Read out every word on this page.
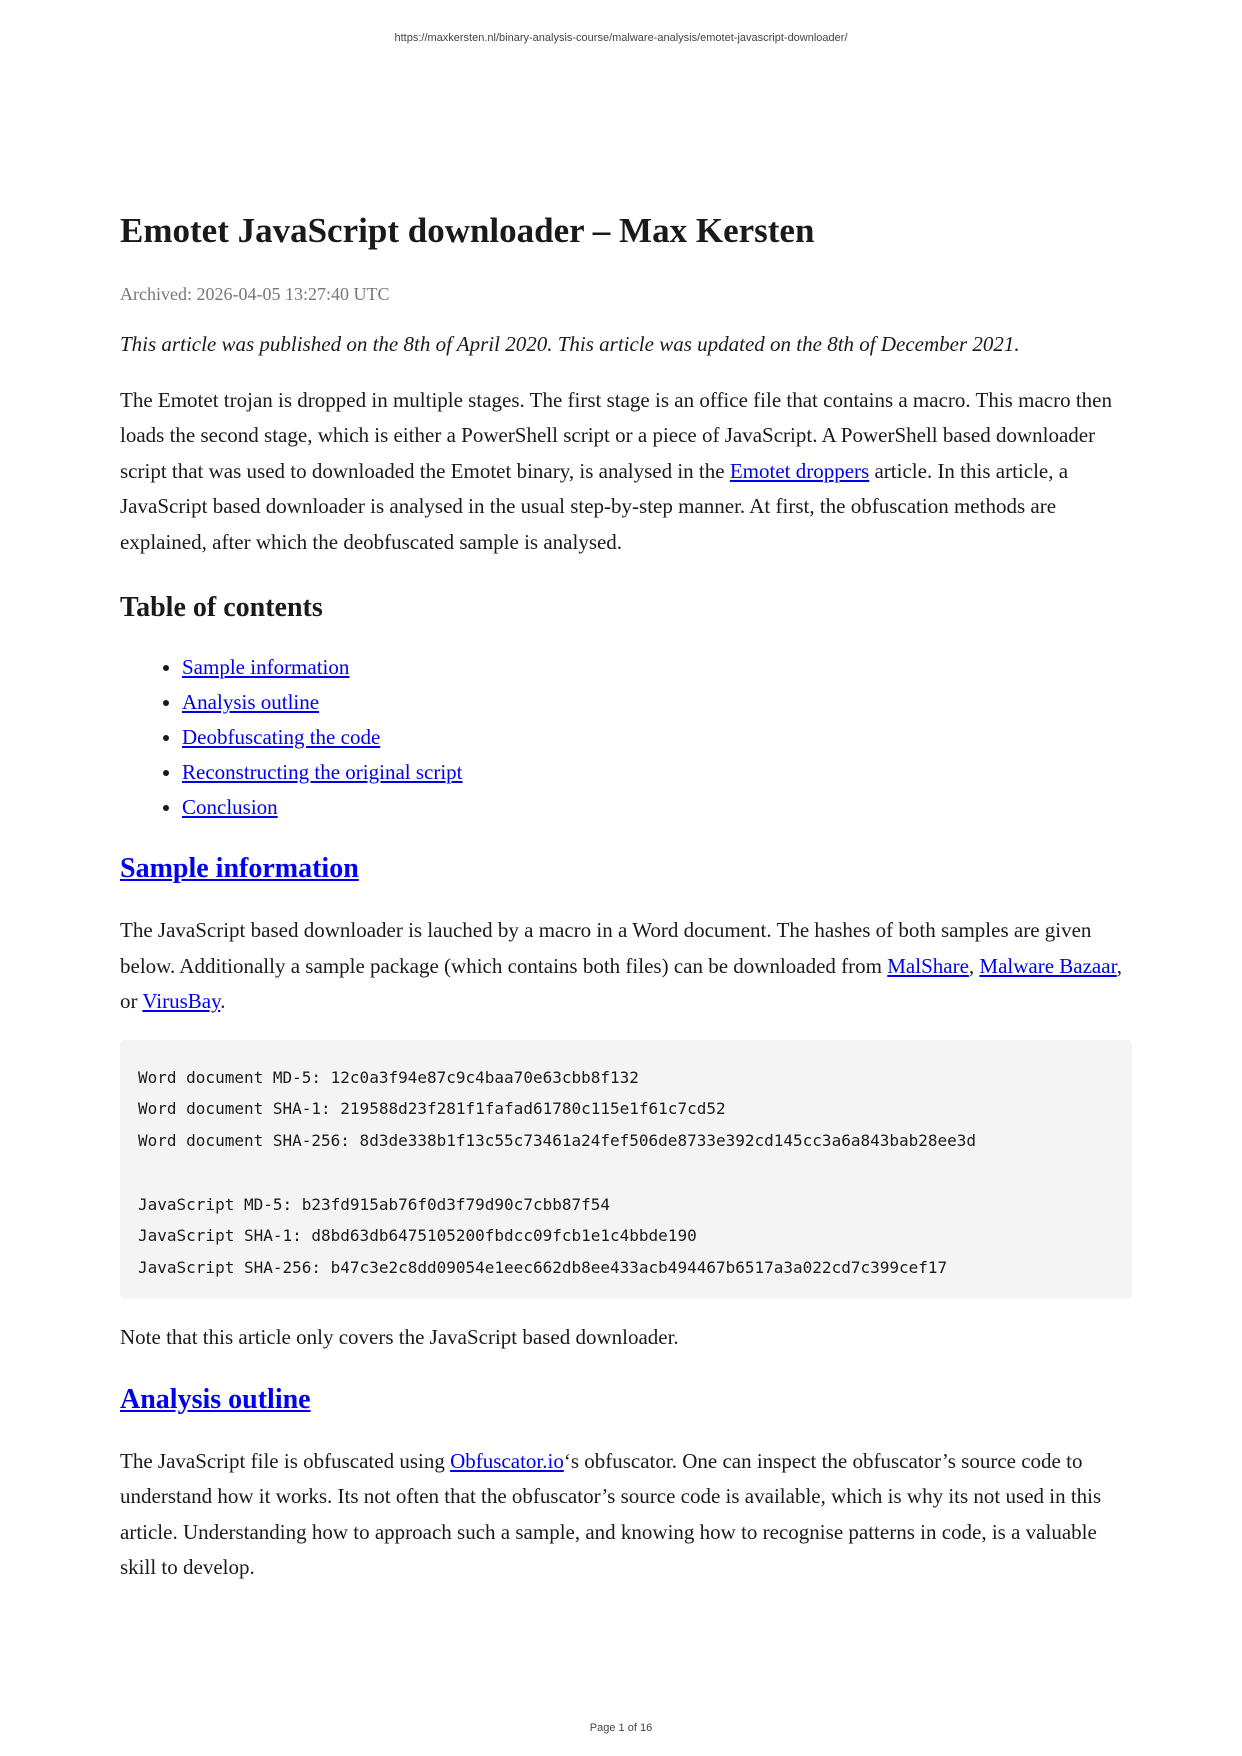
https://maxkersten.nl/binary-analysis-course/malware-analysis/emotet-javascript-downloader/
Emotet JavaScript downloader – Max Kersten
Archived: 2026-04-05 13:27:40 UTC

This article was published on the 8th of April 2020. This article was updated on the 8th of December 2021.

The Emotet trojan is dropped in multiple stages. The first stage is an office file that contains a macro. This macro then loads the second stage, which is either a PowerShell script or a piece of JavaScript. A PowerShell based downloader script that was used to downloaded the Emotet binary, is analysed in the Emotet droppers article. In this article, a JavaScript based downloader is analysed in the usual step-by-step manner. At first, the obfuscation methods are explained, after which the deobfuscated sample is analysed.

Table of contents
• Sample information
• Analysis outline
• Deobfuscating the code
• Reconstructing the original script
• Conclusion
Sample information

The JavaScript based downloader is lauched by a macro in a Word document. The hashes of both samples are given below. Additionally a sample package (which contains both files) can be downloaded from MalShare, Malware Bazaar, or VirusBay.

Word document MD-5: 12c0a3f94e87c9c4baa70e63cbb8f132
Word document SHA-1: 219588d23f281f1fafad61780c115e1f61c7cd52
Word document SHA-256: 8d3de338b1f13c55c73461a24fef506de8733e392cd145cc3a6a843bab28ee3d
JavaScript MD-5: b23fd915ab76f0d3f79d90c7cbb87f54
JavaScript SHA-1: d8bd63db6475105200fbdcc09fcb1e1c4bbde190
JavaScript SHA-256: b47c3e2c8dd09054e1eec662db8ee433acb494467b6517a3a022cd7c399cef17

Note that this article only covers the JavaScript based downloader.

Analysis outline

The JavaScript file is obfuscated using Obfuscator.io‘s obfuscator. One can inspect the obfuscator’s source code to understand how it works. Its not often that the obfuscator’s source code is available, which is why its not used in this article. Understanding how to approach such a sample, and knowing how to recognise patterns in code, is a valuable skill to develop.

Page 1 of 16
